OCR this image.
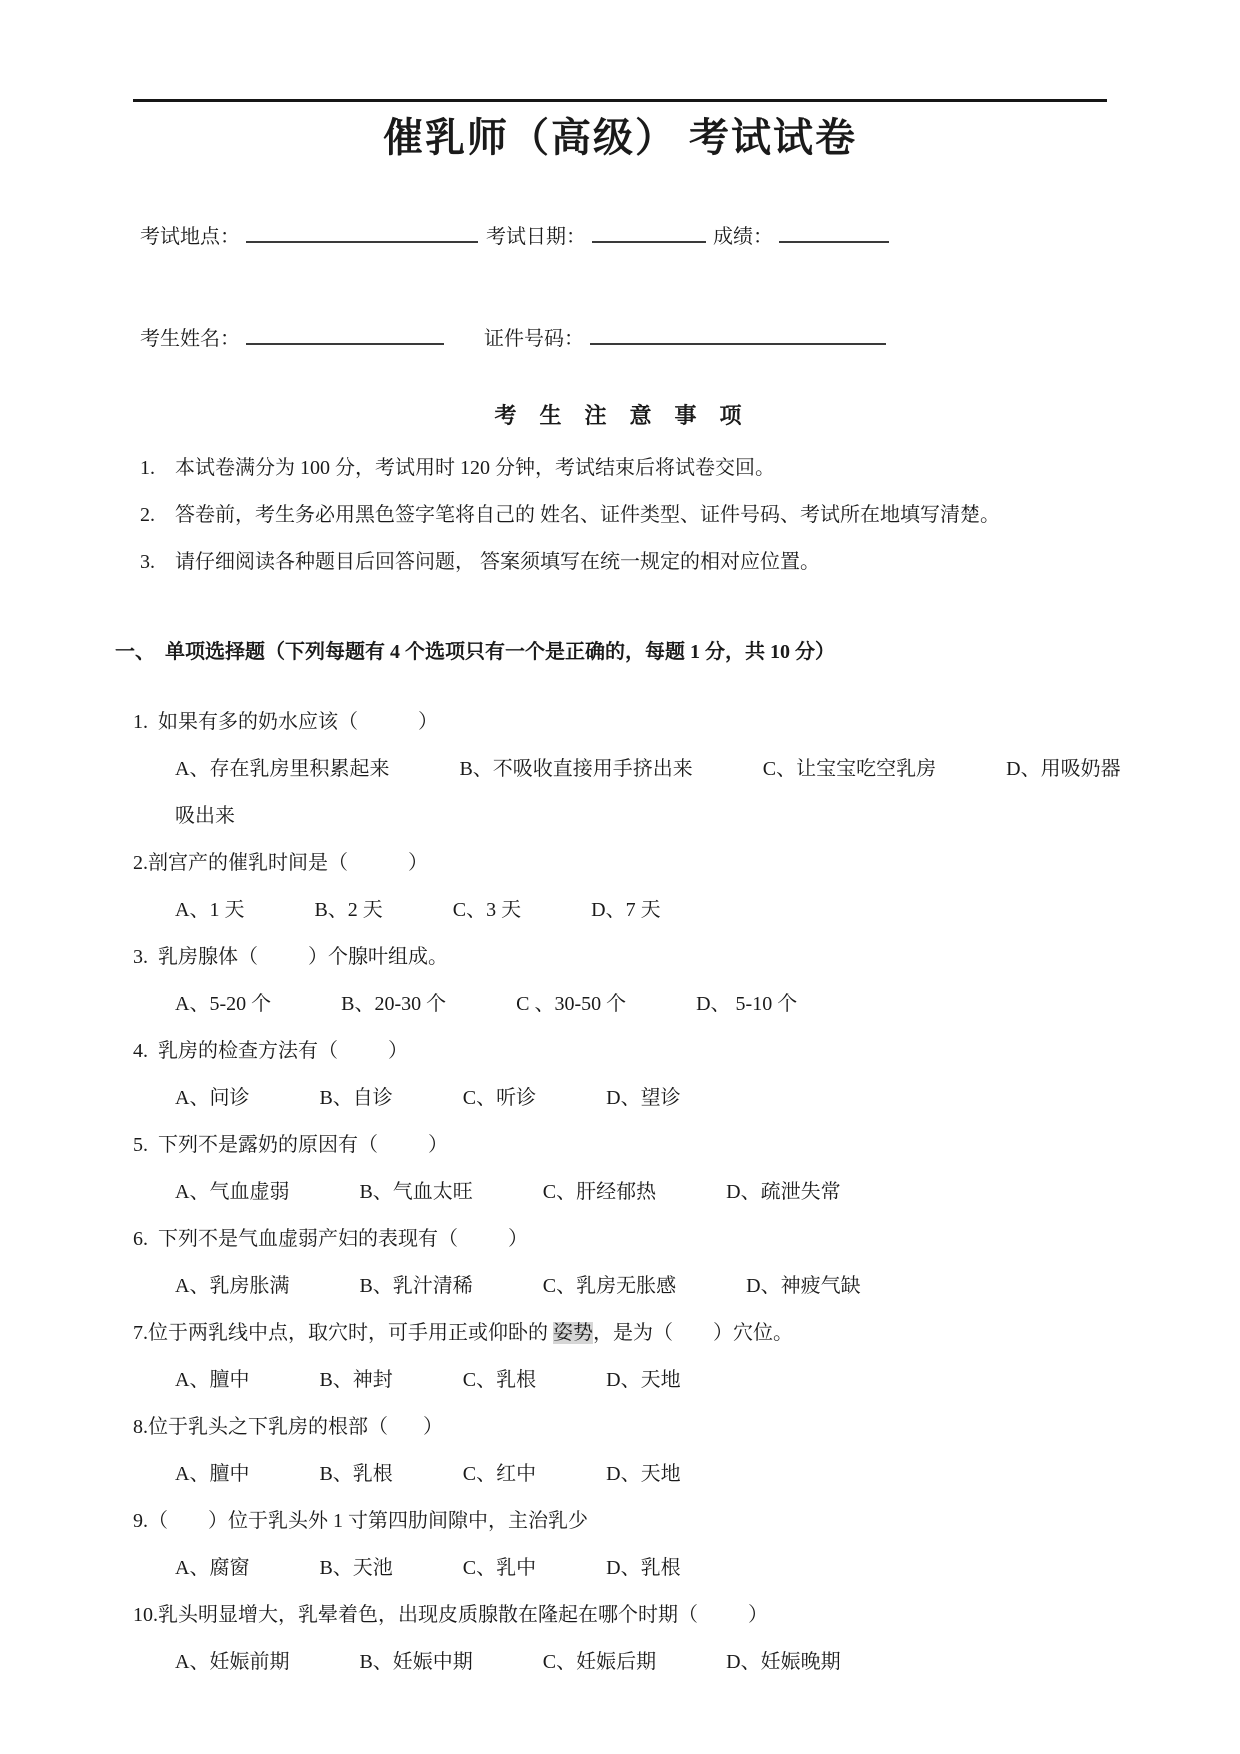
催乳师（高级） 考试试卷
考试地点：	考试日期：	成绩：
考生姓名：	证件号码：
考  生  注  意  事  项
1.	本试卷满分为 100 分，考试用时 120 分钟，考试结束后将试卷交回。
2.	答卷前，考生务必用黑色签字笔将自己的 姓名、证件类型、证件号码、考试所在地填写清楚。
3.	请仔细阅读各种题目后回答问题， 答案须填写在统一规定的相对应位置。
一、 单项选择题（下列每题有 4 个选项只有一个是正确的，每题 1 分，共 10 分）
1.  如果有多的奶水应该（            ）
A、存在乳房里积累起来	B、不吸收直接用手挤出来	C、让宝宝吃空乳房	D、用吸奶器吸出来
2.剖宫产的催乳时间是（            ）
A、1 天	B、2 天	C、3 天	D、7 天
3.  乳房腺体（          ）个腺叶组成。
A、5-20 个	B、20-30 个	C 、30-50 个	D、 5-10 个
4.  乳房的检查方法有（          ）
A、问诊	B、自诊	C、听诊	D、望诊
5.  下列不是露奶的原因有（          ）
A、气血虚弱	B、气血太旺	C、肝经郁热	D、疏泄失常
6.  下列不是气血虚弱产妇的表现有（          ）
A、乳房胀满	B、乳汁清稀	C、乳房无胀感	D、神疲气缺
7.位于两乳线中点，取穴时，可手用正或仰卧的 姿势，是为（        ）穴位。
A、膻中	B、神封	C、乳根	D、天地
8.位于乳头之下乳房的根部（       ）
A、膻中	B、乳根	C、红中	D、天地
9.（        ）位于乳头外 1 寸第四肋间隙中，主治乳少
A、腐窗	B、天池	C、乳中	D、乳根
10.乳头明显增大，乳晕着色，出现皮质腺散在隆起在哪个时期（          ）
A、妊娠前期	B、妊娠中期	C、妊娠后期	D、妊娠晚期
